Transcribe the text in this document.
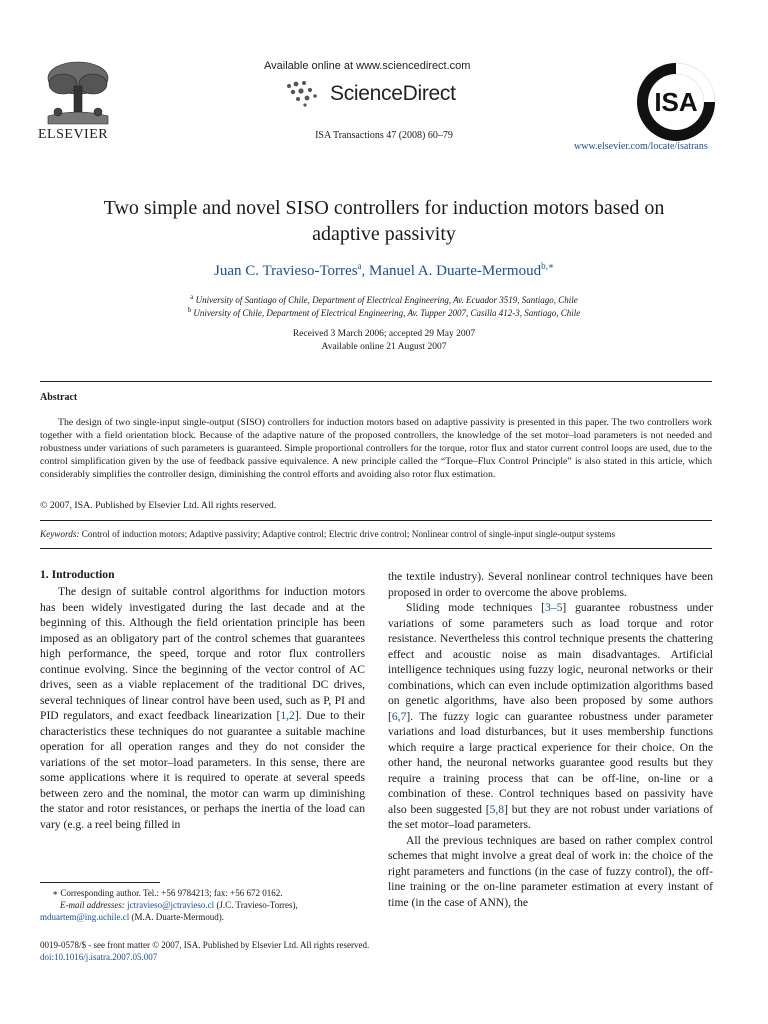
ELSEVIER
Available online at www.sciencedirect.com
ScienceDirect
ISA Transactions 47 (2008) 60–79
ISA
www.elsevier.com/locate/isatrans
Two simple and novel SISO controllers for induction motors based on
adaptive passivity
Juan C. Travieso-Torres$^a$, Manuel A. Duarte-Mermoud$^{b,∗}$
$^a$ University of Santiago of Chile, Department of Electrical Engineering, Av. Ecuador 3519, Santiago, Chile
$^b$ University of Chile, Department of Electrical Engineering, Av. Tupper 2007, Casilla 412-3, Santiago, Chile
Received 3 March 2006; accepted 29 May 2007
Available online 21 August 2007
Abstract
The design of two single-input single-output (SISO) controllers for induction motors based on adaptive passivity is presented in this paper. The two controllers work together with a field orientation block. Because of the adaptive nature of the proposed controllers, the knowledge of the set motor–load parameters is not needed and robustness under variations of such parameters is guaranteed. Simple proportional controllers for the torque, rotor flux and stator current control loops are used, due to the control simplification given by the use of feedback passive equivalence. A new principle called the “Torque–Flux Control Principle” is also stated in this article, which considerably simplifies the controller design, diminishing the control efforts and avoiding also rotor flux estimation.
© 2007, ISA. Published by Elsevier Ltd. All rights reserved.
Keywords: Control of induction motors; Adaptive passivity; Adaptive control; Electric drive control; Nonlinear control of single-input single-output systems
1. Introduction

The design of suitable control algorithms for induction motors has been widely investigated during the last decade and at the beginning of this. Although the field orientation principle has been imposed as an obligatory part of the control schemes that guarantees high performance, the speed, torque and rotor flux controllers continue evolving. Since the beginning of the vector control of AC drives, seen as a viable replacement of the traditional DC drives, several techniques of linear control have been used, such as P, PI and PID regulators, and exact feedback linearization [1,2]. Due to their characteristics these techniques do not guarantee a suitable machine operation for all operation ranges and they do not consider the variations of the set motor–load parameters. In this sense, there are some applications where it is required to operate at several speeds between zero and the nominal, the motor can warm up diminishing the stator and rotor resistances, or perhaps the inertia of the load can vary (e.g. a reel being filled in

the textile industry). Several nonlinear control techniques have been proposed in order to overcome the above problems.

Sliding mode techniques [3–5] guarantee robustness under variations of some parameters such as load torque and rotor resistance. Nevertheless this control technique presents the chattering effect and acoustic noise as main disadvantages. Artificial intelligence techniques using fuzzy logic, neuronal networks or their combinations, which can even include optimization algorithms based on genetic algorithms, have also been proposed by some authors [6,7]. The fuzzy logic can guarantee robustness under parameter variations and load disturbances, but it uses membership functions which require a large practical experience for their choice. On the other hand, the neuronal networks guarantee good results but they require a training process that can be off-line, on-line or a combination of these. Control techniques based on passivity have also been suggested [5,8] but they are not robust under variations of the set motor–load parameters.

All the previous techniques are based on rather complex control schemes that might involve a great deal of work in: the choice of the right parameters and functions (in the case of fuzzy control), the off-line training or the on-line parameter estimation at every instant of time (in the case of ANN), the

∗ Corresponding author. Tel.: +56 9784213; fax: +56 672 0162.
E-mail addresses: jctravieso@jctravieso.cl (J.C. Travieso-Torres),
mduartem@ing.uchile.cl (M.A. Duarte-Mermoud).
0019-0578/$ - see front matter © 2007, ISA. Published by Elsevier Ltd. All rights reserved.
doi:10.1016/j.isatra.2007.05.007
